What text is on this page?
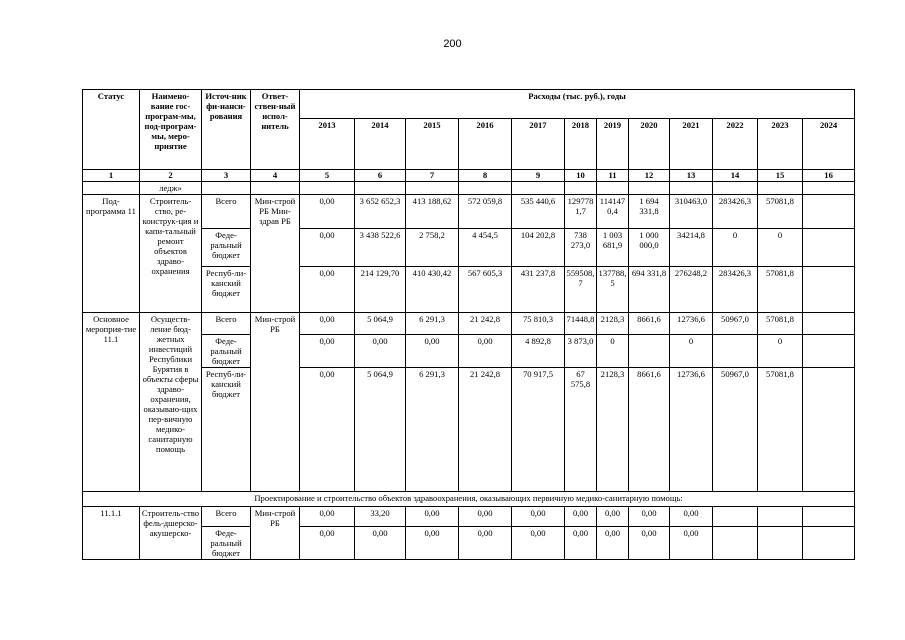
200
Статус	Наимено-вание гос-програм-мы, под-програм-мы, меро-приятие	Источ-ник фи-нанси-рования	Ответ-ствен-ный испол-нитель	Расходы (тыс. руб.), годы											
				2013	2014	2015	2016	2017	2018	2019	2020	2021	2022	2023	2024
1	2	3	4	5	6	7	8	9	10	11	12	13	14	15	16
	ледж»														
Под-программа 11	Строитель-ство, ре-конструк-ция и капи-тальный ремонт объектов здраво-охранения	Всего	Мин-строй РБ Мин-здрав РБ	0,00	3 652 652,3	413 188,62	572 059,8	535 440,6	1297781,7	1141470,4	1 694 331,8	310463,0	283426,3	57081,8	
		Феде-ральный бюджет		0,00	3 438 522,6	2 758,2	4 454,5	104 202,8	738 273,0	1 003 681,9	1 000 000,0	34214,8	0	0	
		Респуб-ли-канский бюджет		0,00	214 129,70	410 430,42	567 605,3	431 237,8	559508,7	137788,5	694 331,8	276248,2	283426,3	57081,8	
Основное мероприя-тие 11.1	Осуществ-ление бюд-жетных инвестиций Республики Бурятия в объекты сферы здраво-охранения, оказываю-щих пер-вичную медико-санитарную помощь	Всего	Мин-строй РБ	0,00	5 064,9	6 291,3	21 242,8	75 810,3	71448,8	2128,3	8661,6	12736,6	50967,0	57081,8	
		Феде-ральный бюджет		0,00	0,00	0,00	0,00	4 892,8	3 873,0	0		0		0	
		Респуб-ли-канский бюджет		0,00	5 064,9	6 291,3	21 242,8	70 917,5	67 575,8	2128,3	8661,6	12736,6	50967,0	57081,8	
Проектирование и строительство объектов здравоохранения, оказывающих первичную медико-санитарную помощь:															
11.1.1	Строитель-ство фель-дшерско-акушерско-	Всего	Мин-строй РБ	0,00	33,20	0,00	0,00	0,00	0,00	0,00	0,00	0,00			
		Феде-ральный бюджет		0,00	0,00	0,00	0,00	0,00	0,00	0,00	0,00	0,00			
